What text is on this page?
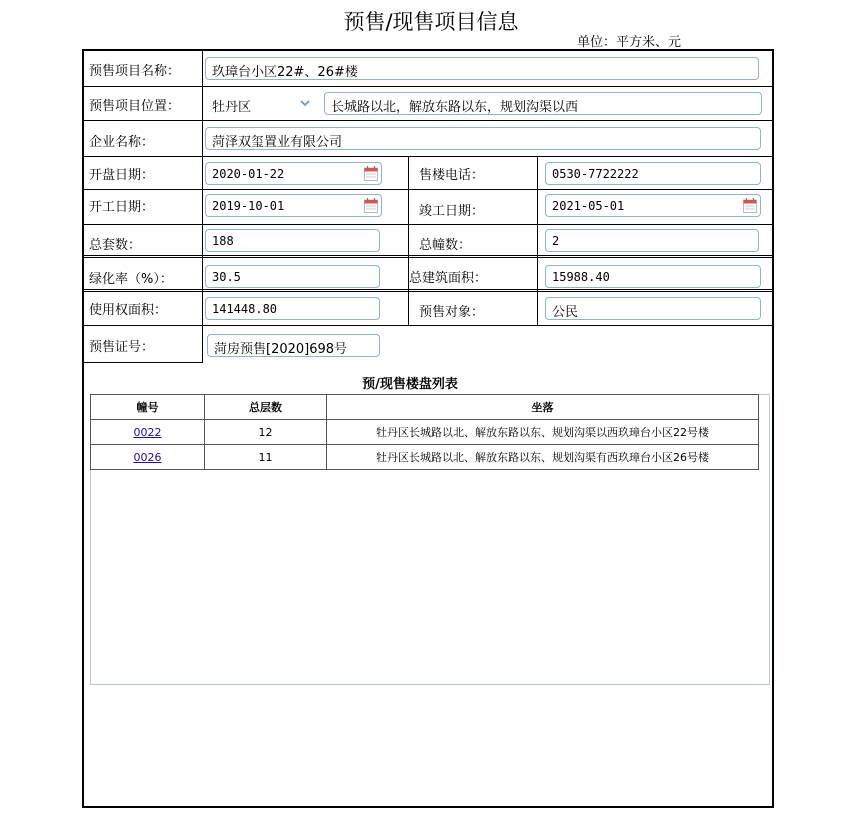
预售/现售项目信息
单位：平方米、元
预售项目名称：	玖璋台小区22#、26#楼
预售项目位置：	牡丹区	长城路以北，解放东路以东，规划沟渠以西
企业名称：	菏泽双玺置业有限公司
开盘日期：	2020-01-22	售楼电话：	0530-7722222
开工日期：	2019-10-01	竣工日期：	2021-05-01
总套数：	188	总幢数：	2
绿化率（%）：	30.5	总建筑面积：	15988.40
使用权面积：	141448.80	预售对象：	公民
预售证号：	菏房预售[2020]698号
预/现售楼盘列表
幢号	总层数	坐落
0022	12	牡丹区长城路以北、解放东路以东、规划沟渠以西玖璋台小区22号楼
0026	11	牡丹区长城路以北、解放东路以东、规划沟渠有西玖璋台小区26号楼
